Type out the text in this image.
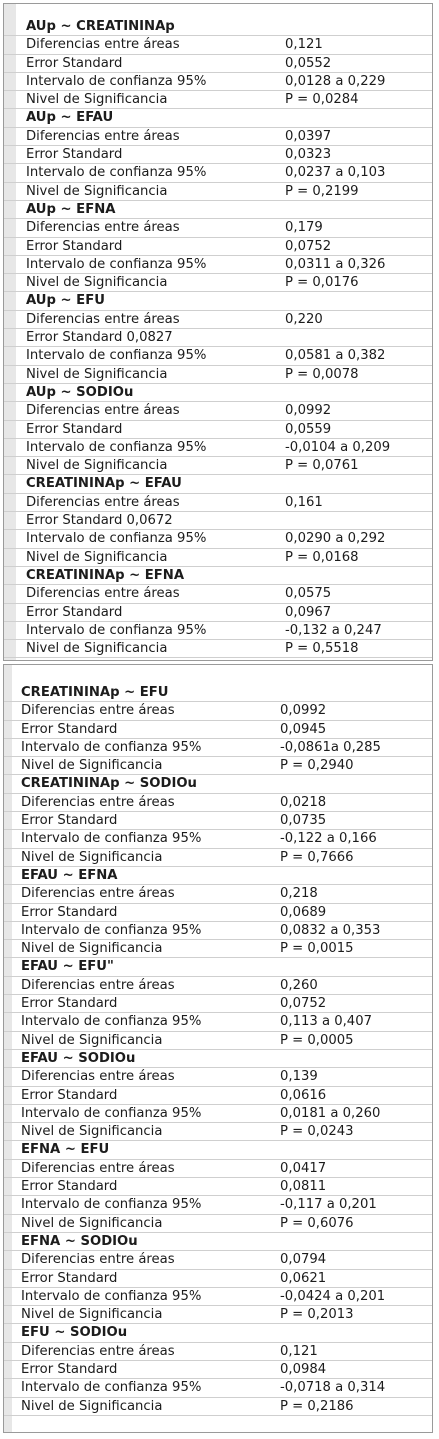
AUp ~ CREATININAp
Diferencias entre áreas	0,121
Error Standard	0,0552
Intervalo de confianza 95%	0,0128 a 0,229
Nivel de Significancia	P = 0,0284
AUp ~ EFAU
Diferencias entre áreas	0,0397
Error Standard	0,0323
Intervalo de confianza 95%	0,0237 a 0,103
Nivel de Significancia	P = 0,2199
AUp ~ EFNA
Diferencias entre áreas	0,179
Error Standard	0,0752
Intervalo de confianza 95%	0,0311 a 0,326
Nivel de Significancia	P = 0,0176
AUp ~ EFU
Diferencias entre áreas	0,220
Error Standard 0,0827
Intervalo de confianza 95%	0,0581 a 0,382
Nivel de Significancia	P = 0,0078
AUp ~ SODIOu
Diferencias entre áreas	0,0992
Error Standard	0,0559
Intervalo de confianza 95%	-0,0104 a 0,209
Nivel de Significancia	P = 0,0761
CREATININAp ~ EFAU
Diferencias entre áreas	0,161
Error Standard 0,0672
Intervalo de confianza 95%	0,0290 a 0,292
Nivel de Significancia	P = 0,0168
CREATININAp ~ EFNA
Diferencias entre áreas	0,0575
Error Standard	0,0967
Intervalo de confianza 95%	-0,132 a 0,247
Nivel de Significancia	P = 0,5518
CREATININAp ~ EFU
Diferencias entre áreas	0,0992
Error Standard	0,0945
Intervalo de confianza 95%	-0,0861a 0,285
Nivel de Significancia	P = 0,2940
CREATININAp ~ SODIOu
Diferencias entre áreas	0,0218
Error Standard	0,0735
Intervalo de confianza 95%	-0,122 a 0,166
Nivel de Significancia	P = 0,7666
EFAU ~ EFNA
Diferencias entre áreas	0,218
Error Standard	0,0689
Intervalo de confianza 95%	0,0832 a 0,353
Nivel de Significancia	P = 0,0015
EFAU ~ EFU"
Diferencias entre áreas	0,260
Error Standard	0,0752
Intervalo de confianza 95%	0,113 a 0,407
Nivel de Significancia	P = 0,0005
EFAU ~ SODIOu
Diferencias entre áreas	0,139
Error Standard	0,0616
Intervalo de confianza 95%	0,0181 a 0,260
Nivel de Significancia	P = 0,0243
EFNA ~ EFU
Diferencias entre áreas	0,0417
Error Standard	0,0811
Intervalo de confianza 95%	-0,117 a 0,201
Nivel de Significancia	P = 0,6076
EFNA ~ SODIOu
Diferencias entre áreas	0,0794
Error Standard	0,0621
Intervalo de confianza 95%	-0,0424 a 0,201
Nivel de Significancia	P = 0,2013
EFU ~ SODIOu
Diferencias entre áreas	0,121
Error Standard	0,0984
Intervalo de confianza 95%	-0,0718 a 0,314
Nivel de Significancia	P = 0,2186
